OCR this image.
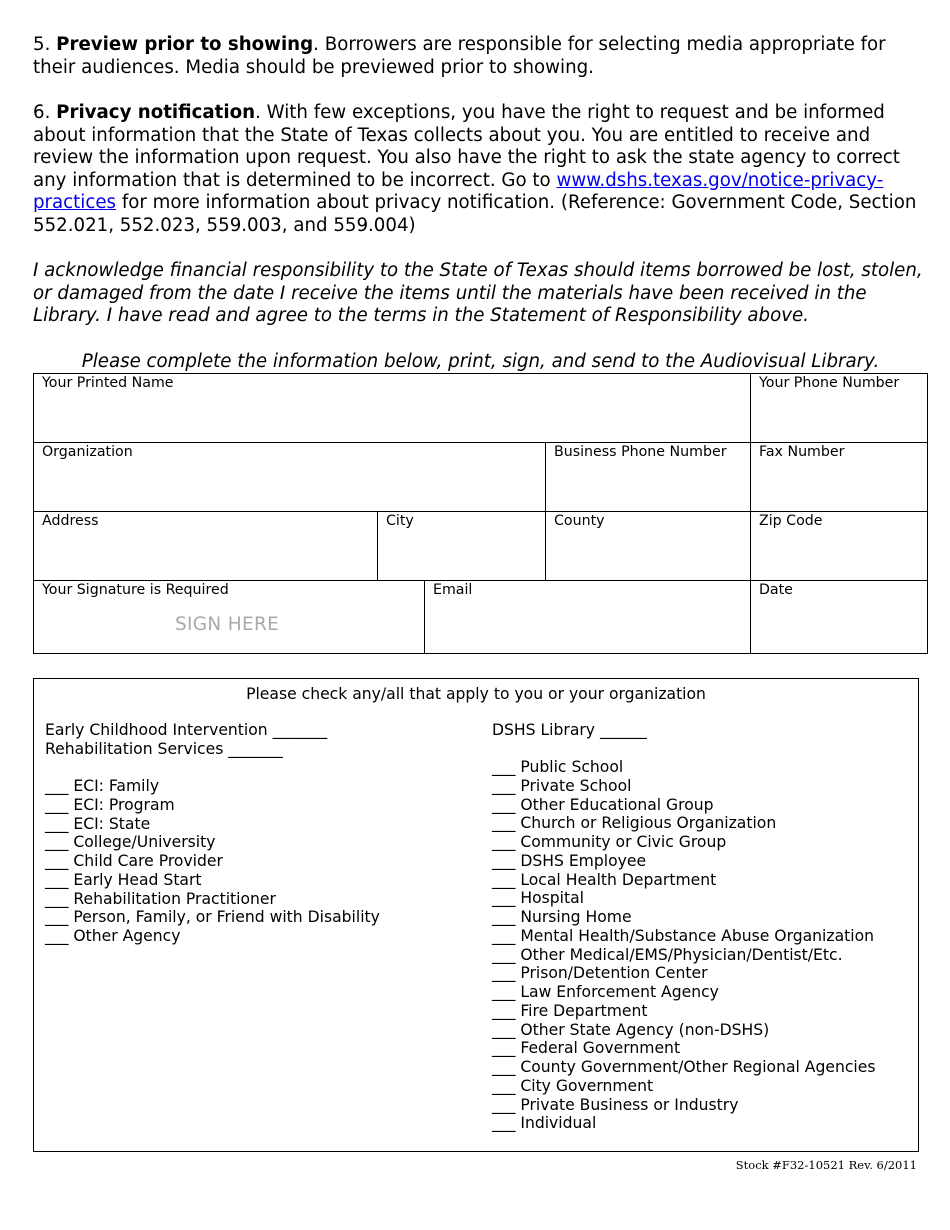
5. Preview prior to showing. Borrowers are responsible for selecting media appropriate for their audiences. Media should be previewed prior to showing.

6. Privacy notification. With few exceptions, you have the right to request and be informed about information that the State of Texas collects about you. You are entitled to receive and review the information upon request. You also have the right to ask the state agency to correct any information that is determined to be incorrect. Go to www.dshs.texas.gov/notice-privacy-practices for more information about privacy notification. (Reference: Government Code, Section 552.021, 552.023, 559.003, and 559.004)

I acknowledge financial responsibility to the State of Texas should items borrowed be lost, stolen, or damaged from the date I receive the items until the materials have been received in the Library. I have read and agree to the terms in the Statement of Responsibility above.

Please complete the information below, print, sign, and send to the Audiovisual Library.

Your Printed Name	Your Phone Number
Organization	Business Phone Number	Fax Number
Address	City	County	Zip Code
Your Signature is Required	Email	Date
SIGN HERE
Please check any/all that apply to you or your organization
Early Childhood Intervention _______
Rehabilitation Services _______
___ ECI: Family
___ ECI: Program
___ ECI: State
___ College/University
___ Child Care Provider
___ Early Head Start
___ Rehabilitation Practitioner
___ Person, Family, or Friend with Disability
___ Other Agency
DSHS Library ______
___ Public School
___ Private School
___ Other Educational Group
___ Church or Religious Organization
___ Community or Civic Group
___ DSHS Employee
___ Local Health Department
___ Hospital
___ Nursing Home
___ Mental Health/Substance Abuse Organization
___ Other Medical/EMS/Physician/Dentist/Etc.
___ Prison/Detention Center
___ Law Enforcement Agency
___ Fire Department
___ Other State Agency (non-DSHS)
___ Federal Government
___ County Government/Other Regional Agencies
___ City Government
___ Private Business or Industry
___ Individual
Stock #F32-10521 Rev. 6/2011
